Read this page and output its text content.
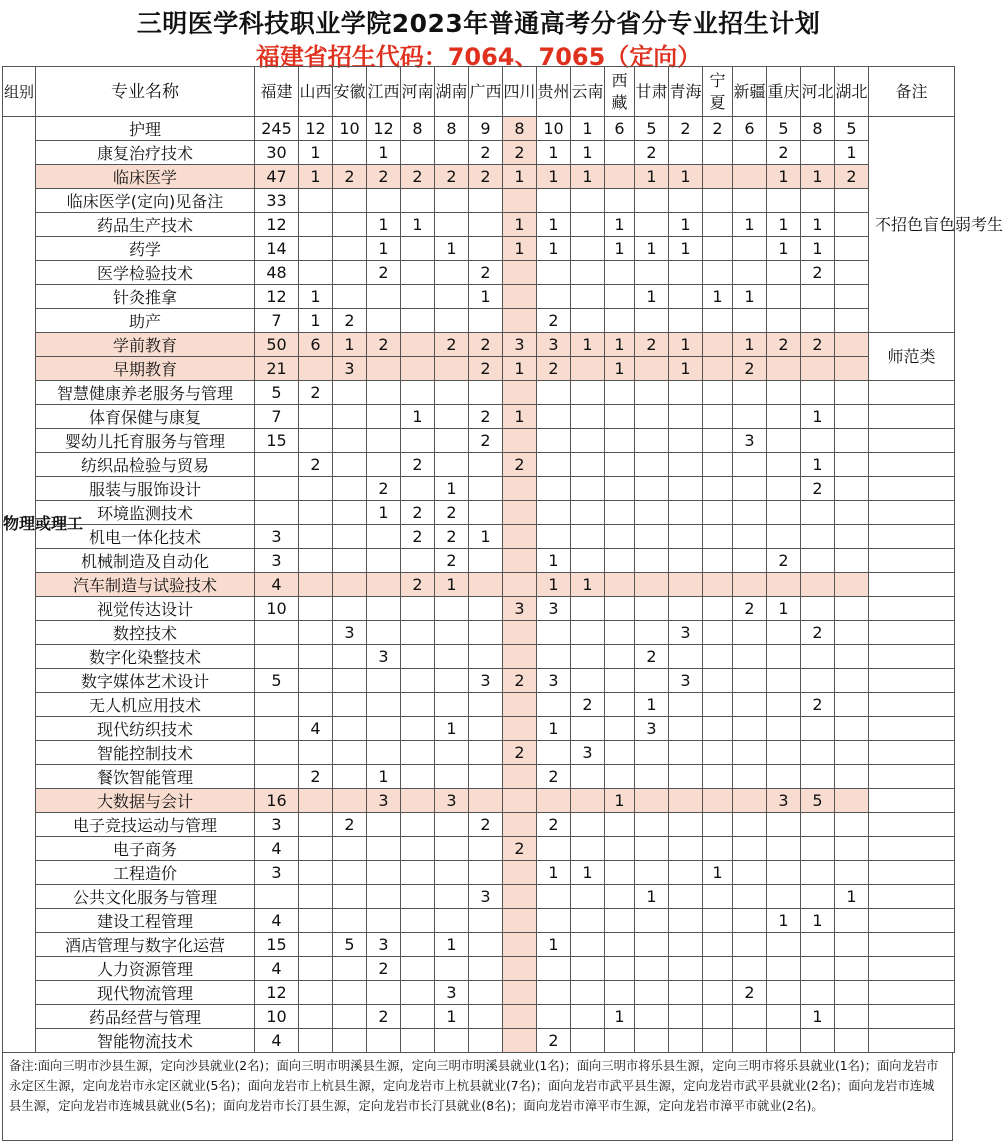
三明医学科技职业学院2023年普通高考分省分专业招生计划
福建省招生代码：7064、7065（定向）
组别	专业名称	福建	山西	安徽	江西	河南	湖南	广西	四川	贵州	云南	西藏	甘肃	青海	宁夏	新疆	重庆	河北	湖北	备注
物理或理工	护理	245	12	10	12	8	8	9	8	10	1	6	5	2	2	6	5	8	5	不招色盲色弱考生
	康复治疗技术	30	1		1			2	2	1	1		2				2		1	
	临床医学	47	1	2	2	2	2	2	1	1	1		1	1			1	1	2	
	临床医学(定向)见备注	33																		
	药品生产技术	12			1	1			1	1		1		1		1	1	1		
	药学	14			1		1		1	1		1	1	1			1	1		
	医学检验技术	48			2			2										2		
	针灸推拿	12	1					1					1		1	1				
	助产	7	1	2						2										
	学前教育	50	6	1	2		2	2	3	3	1	1	2	1		1	2	2		师范类
	早期教育	21		3				2	1	2		1		1		2				
	智慧健康养老服务与管理	5	2																	
	体育保健与康复	7				1		2	1									1		
	婴幼儿托育服务与管理	15						2								3				
	纺织品检验与贸易		2			2			2									1		
	服装与服饰设计				2		1											2		
	环境监测技术				1	2	2													
	机电一体化技术	3				2	2	1												
	机械制造及自动化	3					2			1							2			
	汽车制造与试验技术	4				2	1			1	1									
	视觉传达设计	10							3	3						2	1			
	数控技术			3										3				2		
	数字化染整技术				3								2							
	数字媒体艺术设计	5						3	2	3				3						
	无人机应用技术										2		1					2		
	现代纺织技术		4				1			1			3							
	智能控制技术								2		3									
	餐饮智能管理		2		1					2										
	大数据与会计	16			3		3					1					3	5		
	电子竞技运动与管理	3		2				2		2										
	电子商务	4							2											
	工程造价	3								1	1				1					
	公共文化服务与管理							3					1						1	
	建设工程管理	4															1	1		
	酒店管理与数字化运营	15		5	3		1			1										
	人力资源管理	4			2															
	现代物流管理	12					3									2				
	药品经营与管理	10			2		1					1						1		
	智能物流技术	4								2										
备注:面向三明市沙县生源，定向沙县就业(2名)；面向三明市明溪县生源，定向三明市明溪县就业(1名)；面向三明市将乐县生源，定向三明市将乐县就业(1名)；面向龙岩市永定区生源，定向龙岩市永定区就业(5名)；面向龙岩市上杭县生源，定向龙岩市上杭县就业(7名)；面向龙岩市武平县生源，定向龙岩市武平县就业(2名)；面向龙岩市连城县生源，定向龙岩市连城县就业(5名)；面向龙岩市长汀县生源，定向龙岩市长汀县就业(8名)；面向龙岩市漳平市生源，定向龙岩市漳平市就业(2名)。
